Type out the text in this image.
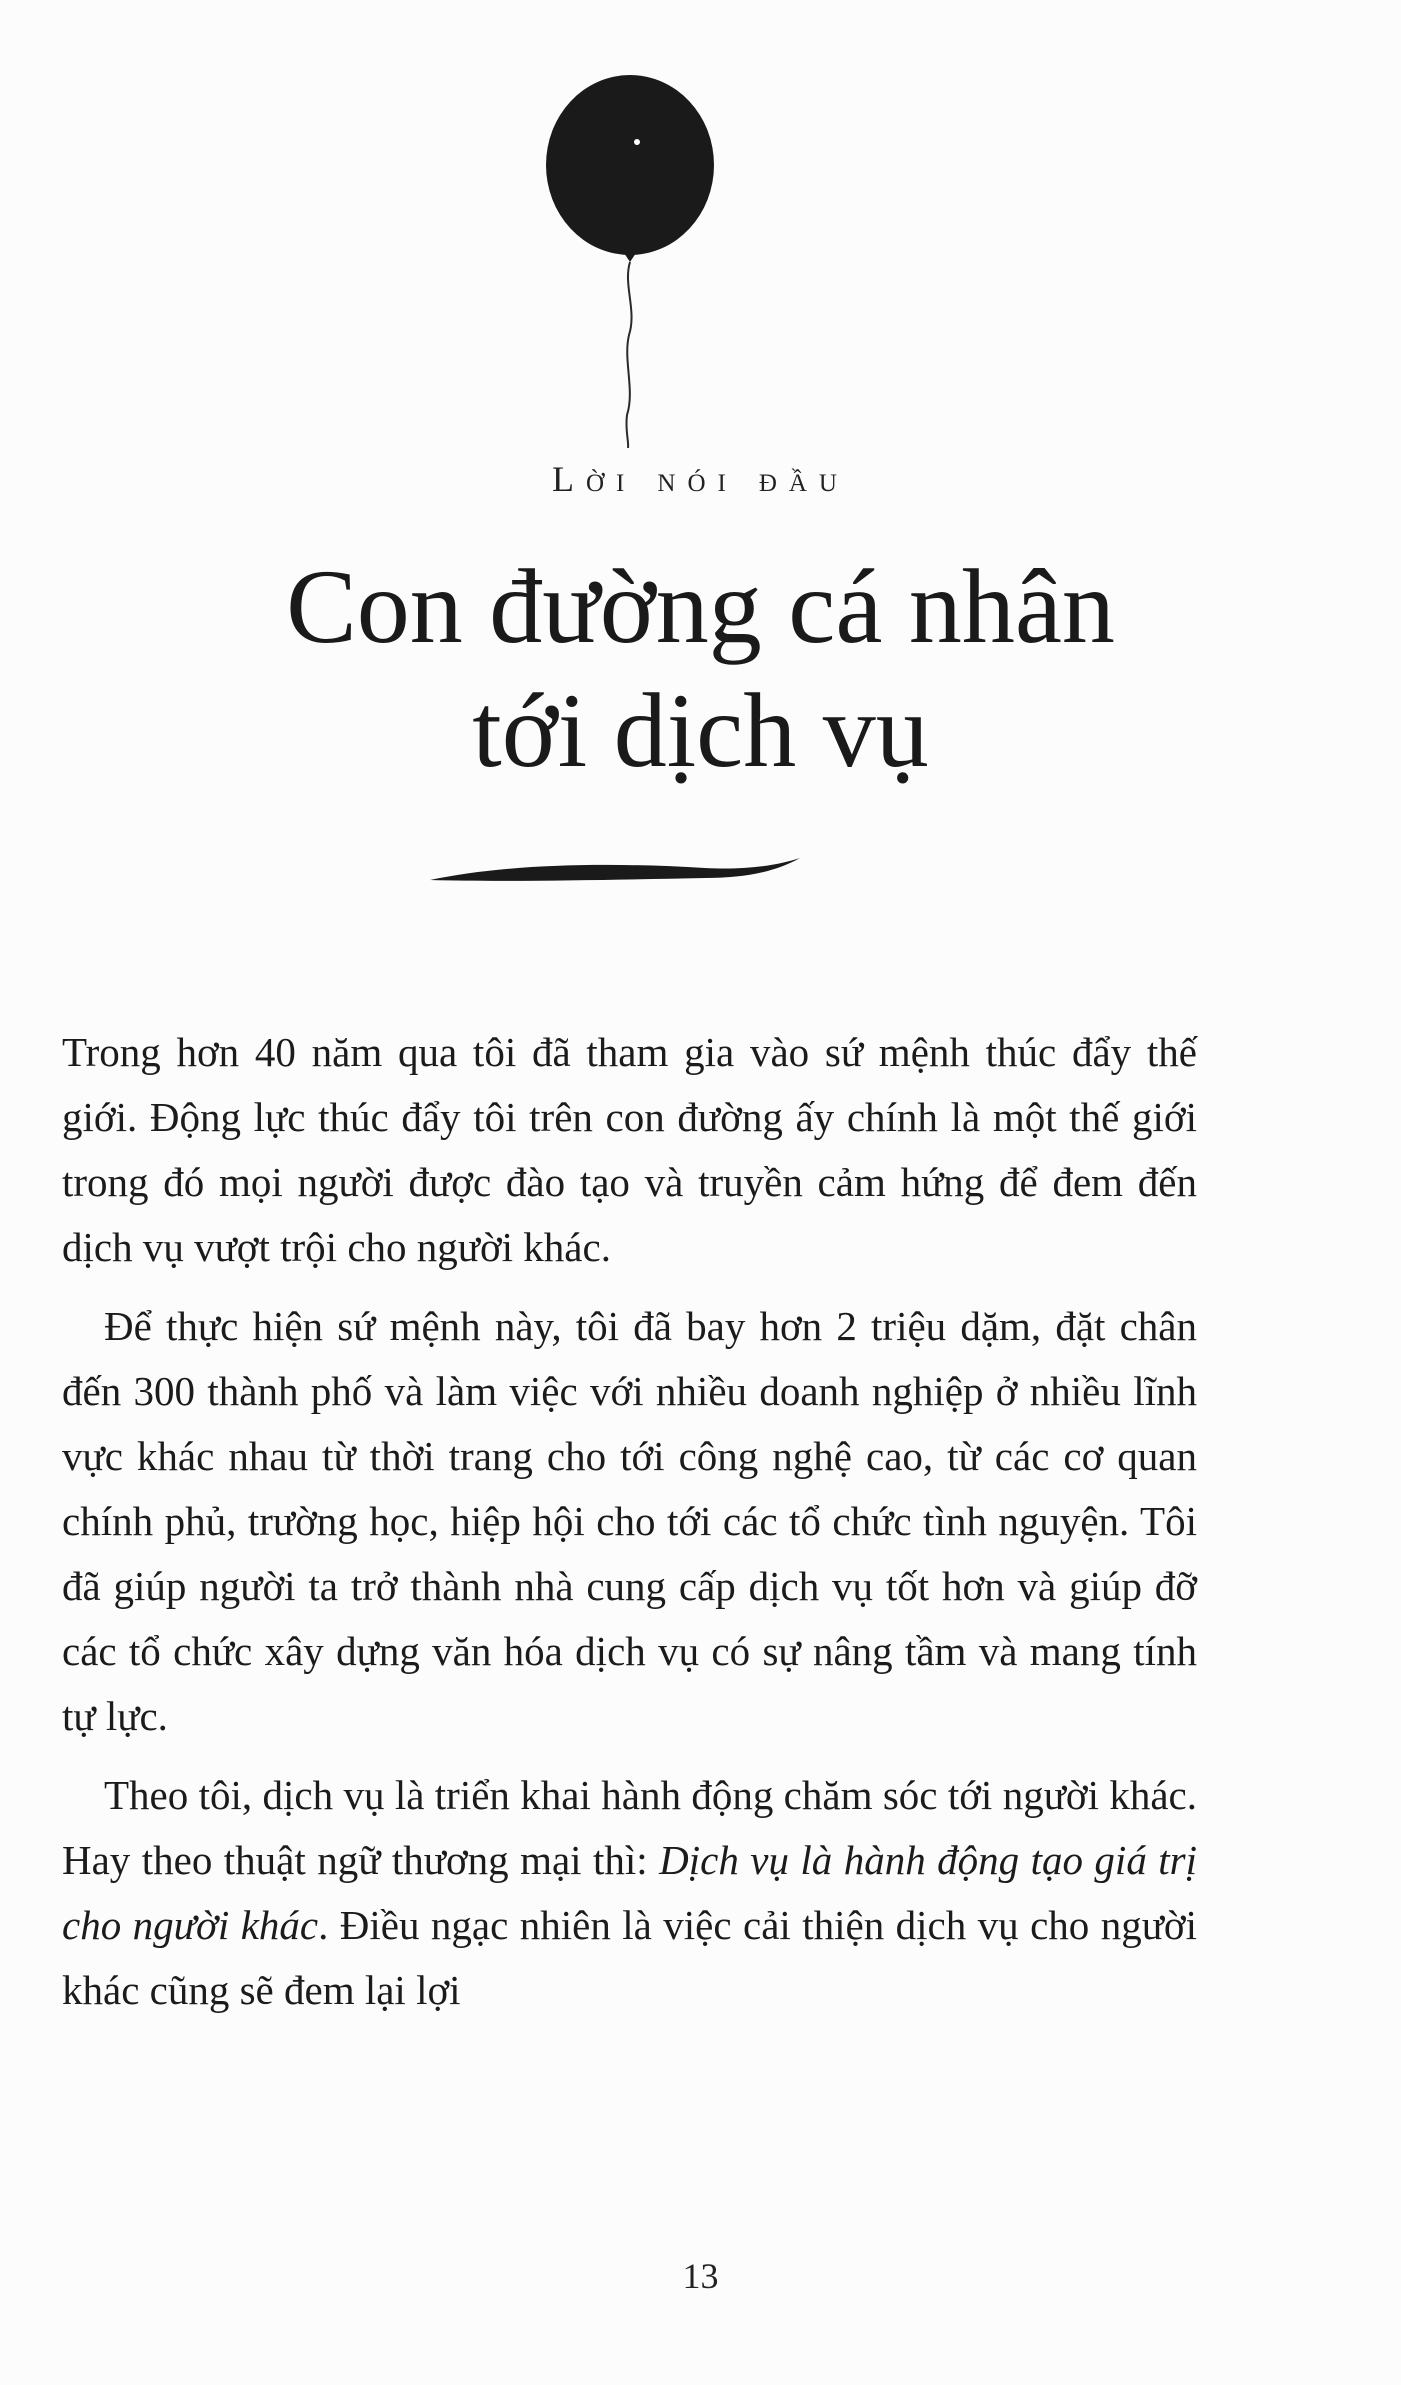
Lời nói đầu
Con đường cá nhân
tới dịch vụ

Trong hơn 40 năm qua tôi đã tham gia vào sứ mệnh thúc đẩy thế giới. Động lực thúc đẩy tôi trên con đường ấy chính là một thế giới trong đó mọi người được đào tạo và truyền cảm hứng để đem đến dịch vụ vượt trội cho người khác.

Để thực hiện sứ mệnh này, tôi đã bay hơn 2 triệu dặm, đặt chân đến 300 thành phố và làm việc với nhiều doanh nghiệp ở nhiều lĩnh vực khác nhau từ thời trang cho tới công nghệ cao, từ các cơ quan chính phủ, trường học, hiệp hội cho tới các tổ chức tình nguyện. Tôi đã giúp người ta trở thành nhà cung cấp dịch vụ tốt hơn và giúp đỡ các tổ chức xây dựng văn hóa dịch vụ có sự nâng tầm và mang tính tự lực.

Theo tôi, dịch vụ là triển khai hành động chăm sóc tới người khác. Hay theo thuật ngữ thương mại thì: Dịch vụ là hành động tạo giá trị cho người khác. Điều ngạc nhiên là việc cải thiện dịch vụ cho người khác cũng sẽ đem lại lợi

13
